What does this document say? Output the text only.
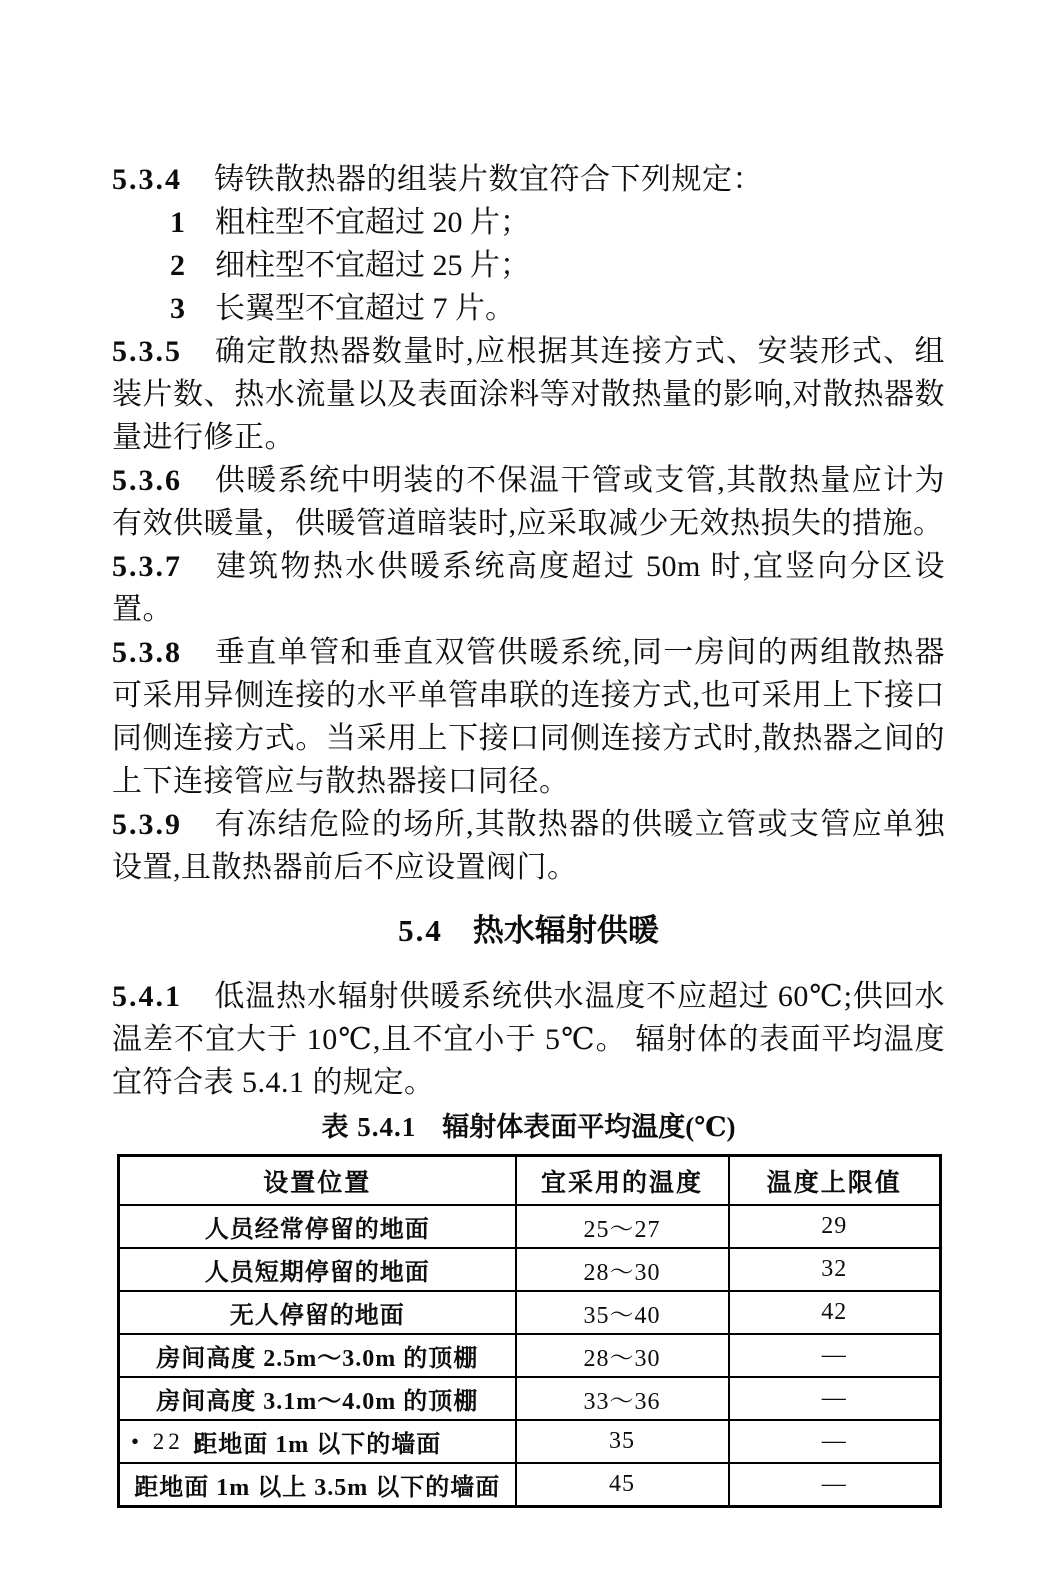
5.3.4 铸铁散热器的组装片数宜符合下列规定：

1 粗柱型不宜超过 20 片；

2 细柱型不宜超过 25 片；

3 长翼型不宜超过 7 片。

5.3.5 确定散热器数量时,应根据其连接方式、安装形式、组装片数、热水流量以及表面涂料等对散热量的影响,对散热器数量进行修正。

5.3.6 供暖系统中明装的不保温干管或支管,其散热量应计为有效供暖量，供暖管道暗装时,应采取减少无效热损失的措施。

5.3.7 建筑物热水供暖系统高度超过 50m 时,宜竖向分区设置。

5.3.8 垂直单管和垂直双管供暖系统,同一房间的两组散热器可采用异侧连接的水平单管串联的连接方式,也可采用上下接口同侧连接方式。当采用上下接口同侧连接方式时,散热器之间的上下连接管应与散热器接口同径。

5.3.9 有冻结危险的场所,其散热器的供暖立管或支管应单独设置,且散热器前后不应设置阀门。

5.4 热水辐射供暖

5.4.1 低温热水辐射供暖系统供水温度不应超过 60℃;供回水温差不宜大于 10℃,且不宜小于 5℃。 辐射体的表面平均温度宜符合表 5.4.1 的规定。

表 5.4.1 辐射体表面平均温度(℃)
设置位置	宜采用的温度	温度上限值
人员经常停留的地面	25～27	29
人员短期停留的地面	28～30	32
无人停留的地面	35～40	42
房间高度 2.5m～3.0m 的顶棚	28～30	—
房间高度 3.1m～4.0m 的顶棚	33～36	—
距地面 1m 以下的墙面	35	—
距地面 1m 以上 3.5m 以下的墙面	45	—
• 22 •
